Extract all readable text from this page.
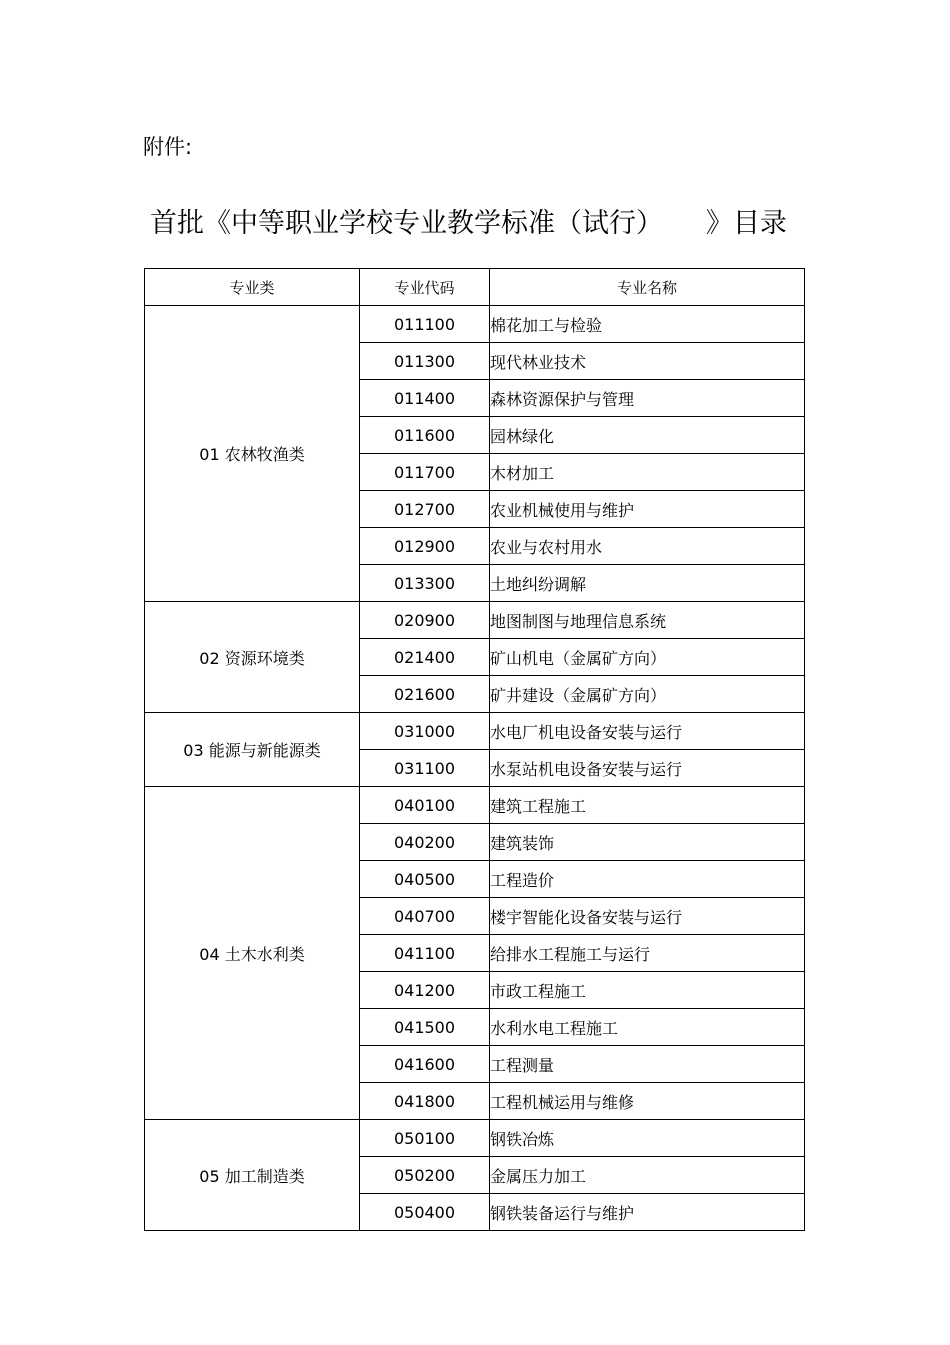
附件:
首批《中等职业学校专业教学标准（试行）     》目录
专业类	专业代码	专业名称
01 农林牧渔类	011100	棉花加工与检验
	011300	现代林业技术
	011400	森林资源保护与管理
	011600	园林绿化
	011700	木材加工
	012700	农业机械使用与维护
	012900	农业与农村用水
	013300	土地纠纷调解
02 资源环境类	020900	地图制图与地理信息系统
	021400	矿山机电（金属矿方向）
	021600	矿井建设（金属矿方向）
03 能源与新能源类	031000	水电厂机电设备安装与运行
	031100	水泵站机电设备安装与运行
04 土木水利类	040100	建筑工程施工
	040200	建筑装饰
	040500	工程造价
	040700	楼宇智能化设备安装与运行
	041100	给排水工程施工与运行
	041200	市政工程施工
	041500	水利水电工程施工
	041600	工程测量
	041800	工程机械运用与维修
05 加工制造类	050100	钢铁冶炼
	050200	金属压力加工
	050400	钢铁装备运行与维护
